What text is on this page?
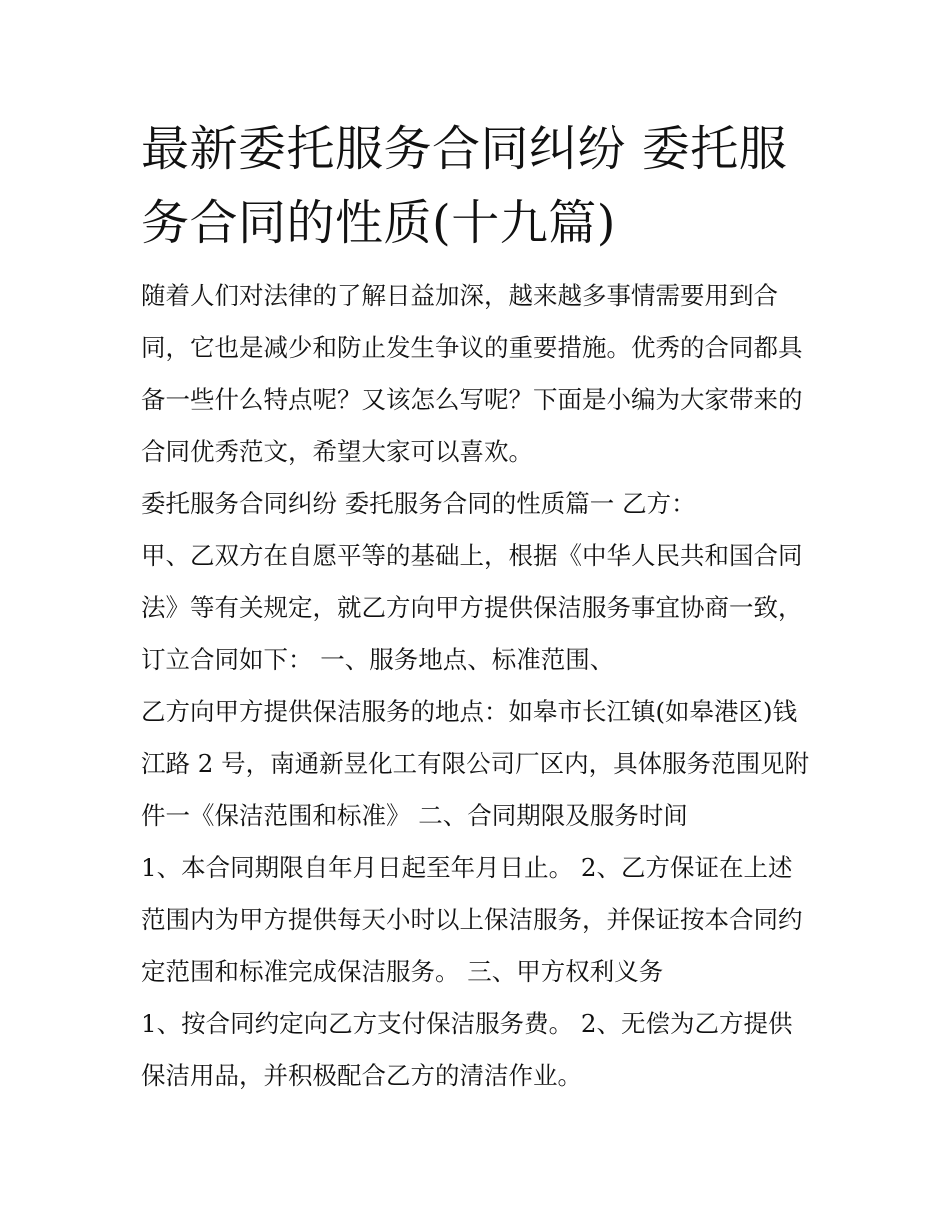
最新委托服务合同纠纷 委托服
务合同的性质(十九篇)
随着人们对法律的了解日益加深，越来越多事情需要用到合
同，它也是减少和防止发生争议的重要措施。优秀的合同都具
备一些什么特点呢？又该怎么写呢？下面是小编为大家带来的
合同优秀范文，希望大家可以喜欢。
委托服务合同纠纷 委托服务合同的性质篇一 乙方：
甲、乙双方在自愿平等的基础上，根据《中华人民共和国合同
法》等有关规定，就乙方向甲方提供保洁服务事宜协商一致，
订立合同如下： 一、服务地点、标准范围、
乙方向甲方提供保洁服务的地点：如皋市长江镇(如皋港区)钱
江路 2 号，南通新昱化工有限公司厂区内，具体服务范围见附
件一《保洁范围和标准》 二、合同期限及服务时间
1、本合同期限自年月日起至年月日止。 2、乙方保证在上述
范围内为甲方提供每天小时以上保洁服务，并保证按本合同约
定范围和标准完成保洁服务。 三、甲方权利义务
1、按合同约定向乙方支付保洁服务费。 2、无偿为乙方提供
保洁用品，并积极配合乙方的清洁作业。
